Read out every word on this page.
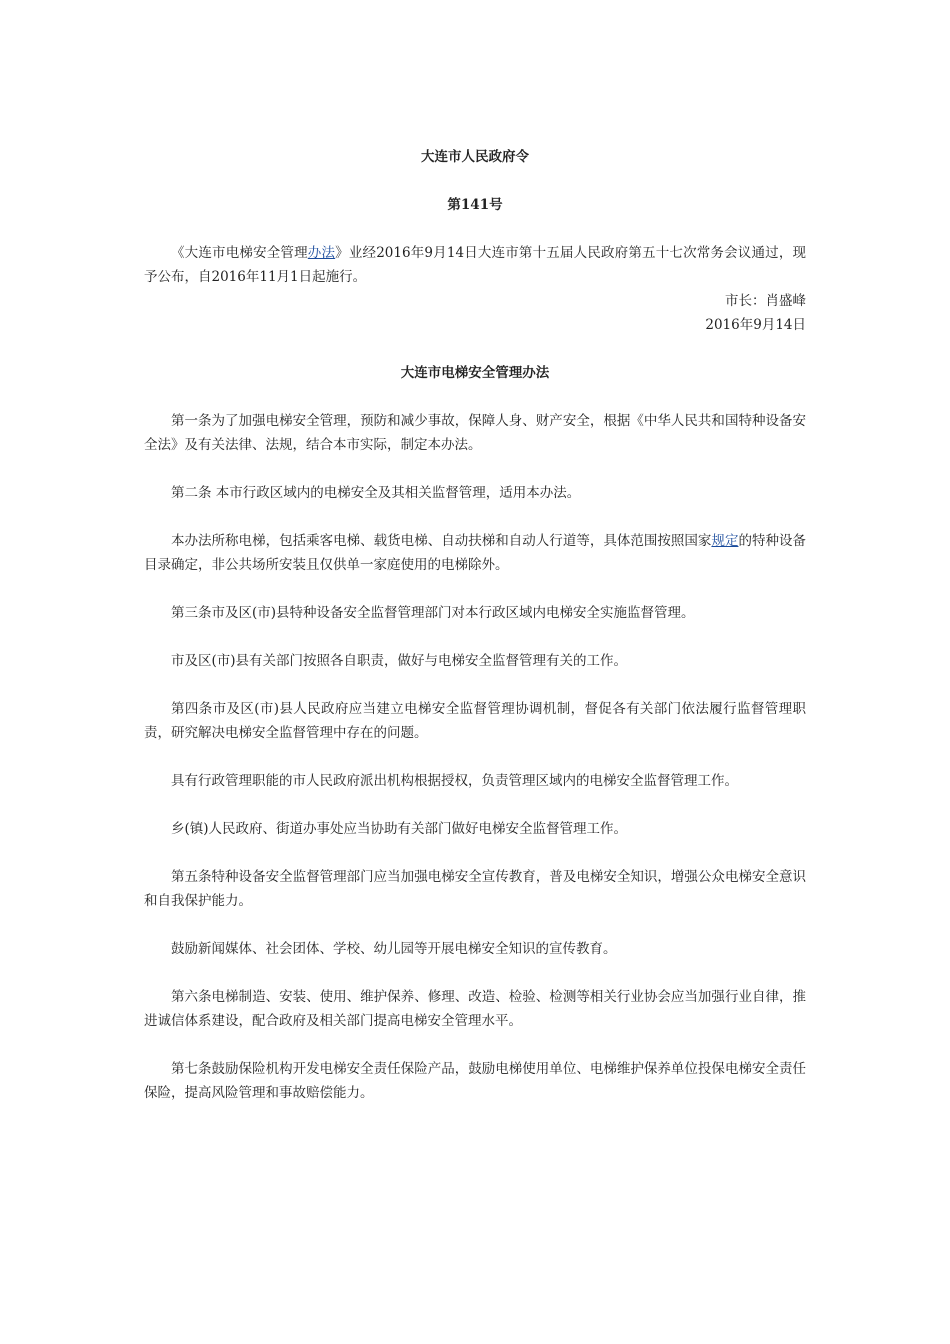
大连市人民政府令

第141号

《大连市电梯安全管理办法》业经2016年9月14日大连市第十五届人民政府第五十七次常务会议通过，现予公布，自2016年11月1日起施行。

市长：肖盛峰

2016年9月14日

大连市电梯安全管理办法

第一条为了加强电梯安全管理，预防和减少事故，保障人身、财产安全，根据《中华人民共和国特种设备安全法》及有关法律、法规，结合本市实际，制定本办法。

第二条 本市行政区域内的电梯安全及其相关监督管理，适用本办法。

本办法所称电梯，包括乘客电梯、载货电梯、自动扶梯和自动人行道等，具体范围按照国家规定的特种设备目录确定，非公共场所安装且仅供单一家庭使用的电梯除外。

第三条市及区(市)县特种设备安全监督管理部门对本行政区域内电梯安全实施监督管理。

市及区(市)县有关部门按照各自职责，做好与电梯安全监督管理有关的工作。

第四条市及区(市)县人民政府应当建立电梯安全监督管理协调机制，督促各有关部门依法履行监督管理职责，研究解决电梯安全监督管理中存在的问题。

具有行政管理职能的市人民政府派出机构根据授权，负责管理区域内的电梯安全监督管理工作。

乡(镇)人民政府、街道办事处应当协助有关部门做好电梯安全监督管理工作。

第五条特种设备安全监督管理部门应当加强电梯安全宣传教育，普及电梯安全知识，增强公众电梯安全意识和自我保护能力。

鼓励新闻媒体、社会团体、学校、幼儿园等开展电梯安全知识的宣传教育。

第六条电梯制造、安装、使用、维护保养、修理、改造、检验、检测等相关行业协会应当加强行业自律，推进诚信体系建设，配合政府及相关部门提高电梯安全管理水平。

第七条鼓励保险机构开发电梯安全责任保险产品，鼓励电梯使用单位、电梯维护保养单位投保电梯安全责任保险，提高风险管理和事故赔偿能力。
